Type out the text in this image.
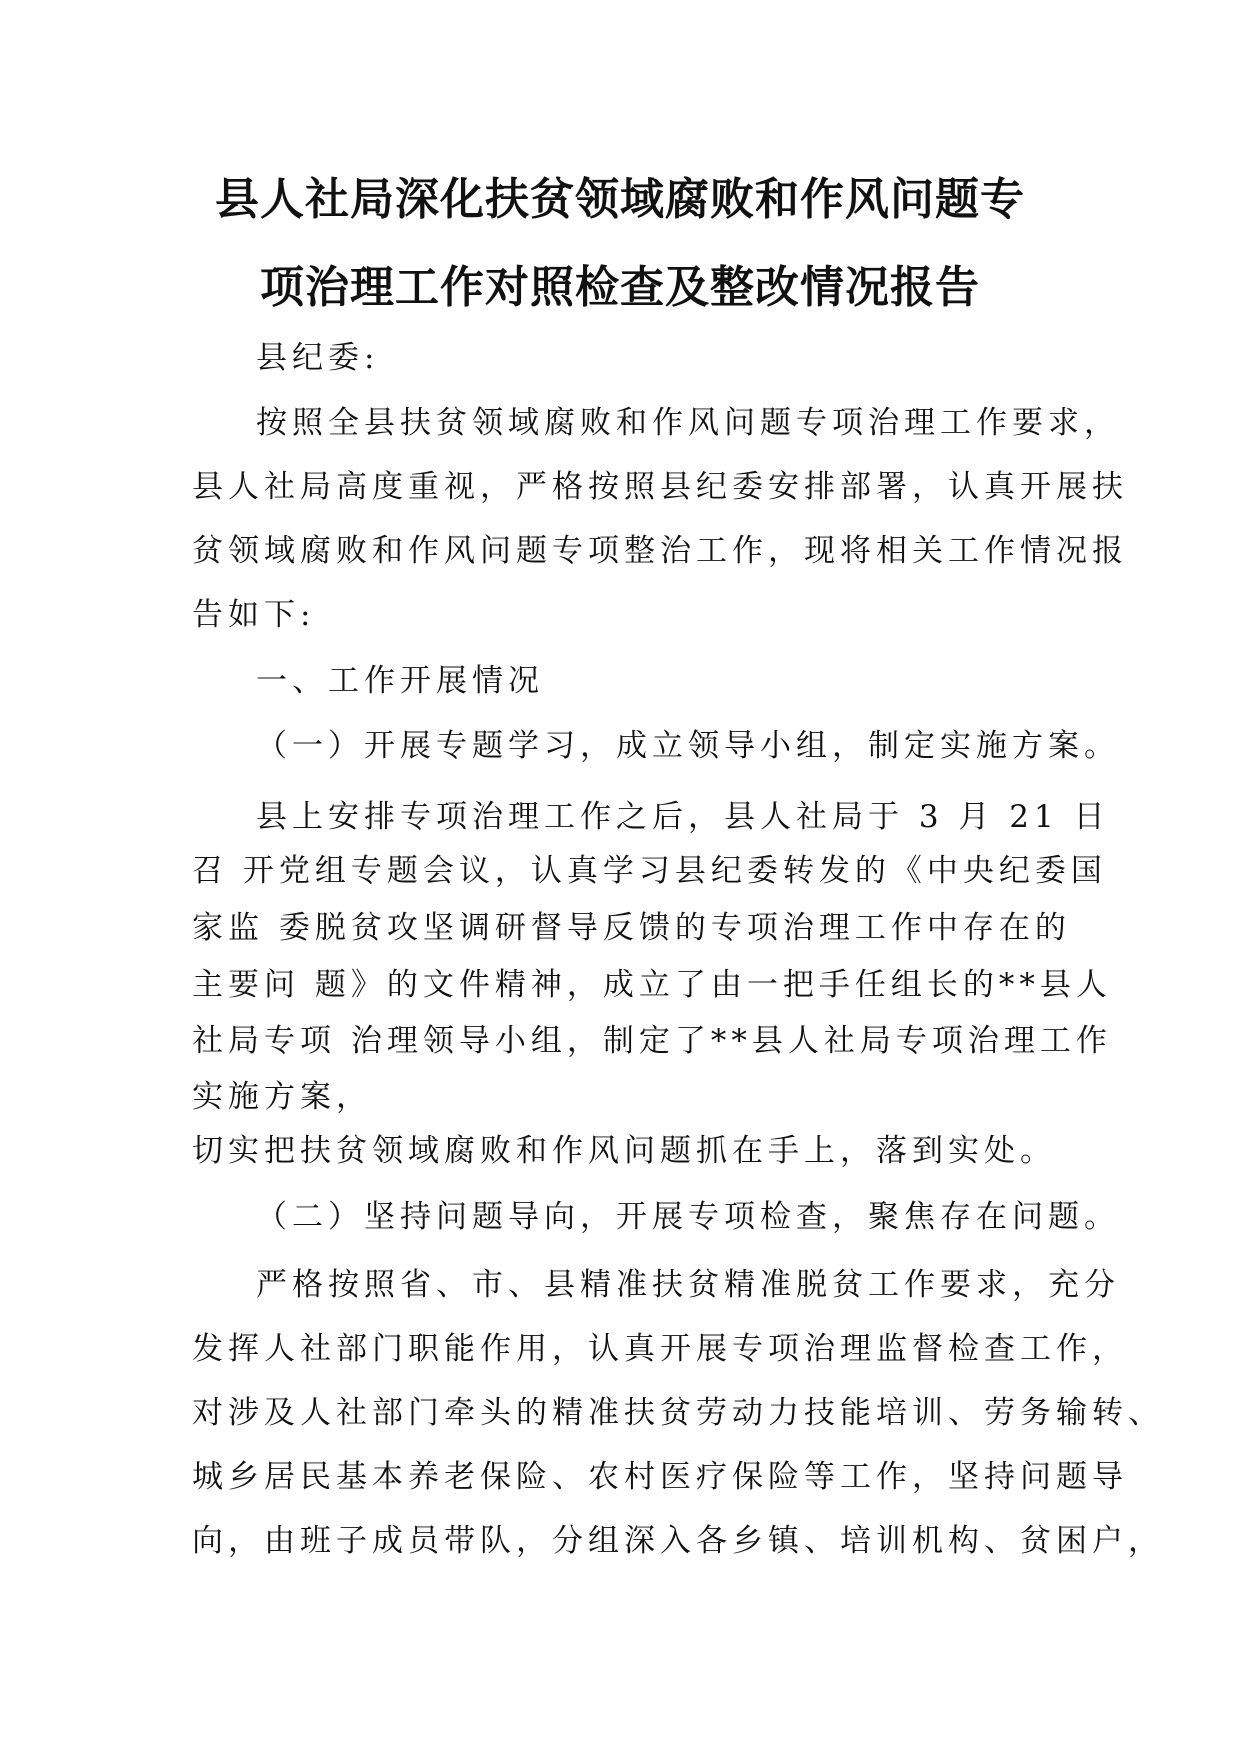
县人社局深化扶贫领域腐败和作风问题专
项治理工作对照检查及整改情况报告
县纪委:
按照全县扶贫领域腐败和作风问题专项治理工作要求，
县人社局高度重视，严格按照县纪委安排部署，认真开展扶
贫领域腐败和作风问题专项整治工作，现将相关工作情况报
告如下:
一、工作开展情况
（一）开展专题学习，成立领导小组，制定实施方案。
县上安排专项治理工作之后，县人社局于 3 月 21 日
召 开党组专题会议，认真学习县纪委转发的《中央纪委国
家监 委脱贫攻坚调研督导反馈的专项治理工作中存在的
主要问 题》的文件精神，成立了由一把手任组长的**县人
社局专项 治理领导小组，制定了**县人社局专项治理工作
实施方案，
切实把扶贫领域腐败和作风问题抓在手上，落到实处。
（二）坚持问题导向，开展专项检查，聚焦存在问题。
严格按照省、市、县精准扶贫精准脱贫工作要求，充分
发挥人社部门职能作用，认真开展专项治理监督检查工作，
对涉及人社部门牵头的精准扶贫劳动力技能培训、劳务输转、
城乡居民基本养老保险、农村医疗保险等工作，坚持问题导
向，由班子成员带队，分组深入各乡镇、培训机构、贫困户，
